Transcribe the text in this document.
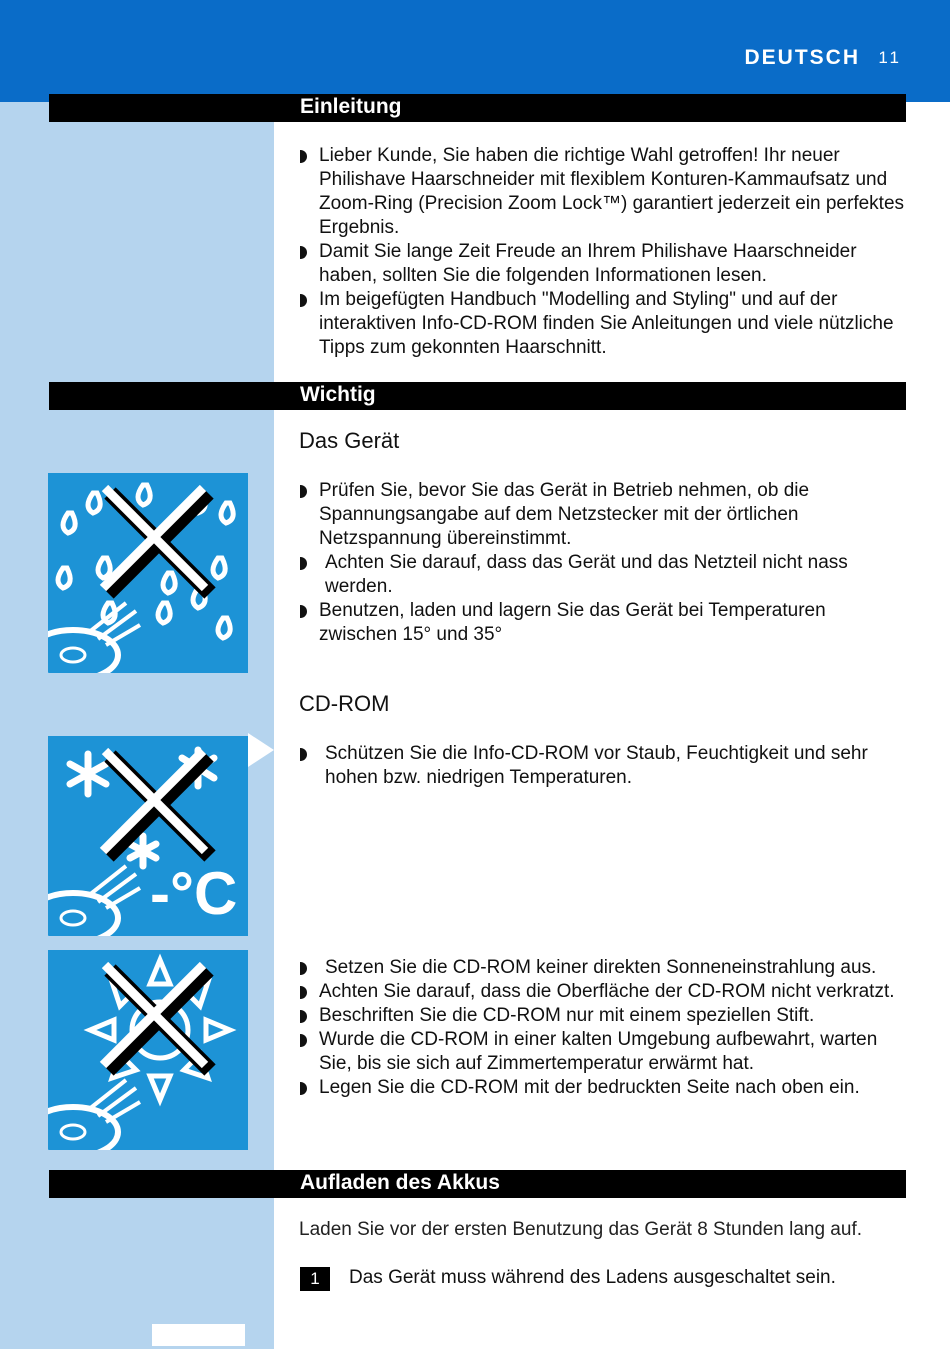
DEUTSCH 11
Einleitung
Lieber Kunde, Sie haben die richtige Wahl getroffen! Ihr neuer Philishave Haarschneider mit flexiblem Konturen-Kammaufsatz und Zoom-Ring (Precision Zoom Lock™) garantiert jederzeit ein perfektes Ergebnis.
Damit Sie lange Zeit Freude an Ihrem Philishave Haarschneider haben, sollten Sie die folgenden Informationen lesen.
Im beigefügten Handbuch "Modelling and Styling" und auf der interaktiven Info-CD-ROM finden Sie Anleitungen und viele nützliche Tipps zum gekonnten Haarschnitt.
Wichtig
Das Gerät
Prüfen Sie, bevor Sie das Gerät in Betrieb nehmen, ob die Spannungsangabe auf dem Netzstecker mit der örtlichen Netzspannung übereinstimmt.
Achten Sie darauf, dass das Gerät und das Netzteil nicht nass werden.
Benutzen, laden und lagern Sie das Gerät bei Temperaturen zwischen 15° und 35°
CD-ROM
-°C
Schützen Sie die Info-CD-ROM vor Staub, Feuchtigkeit und sehr hohen bzw. niedrigen Temperaturen.
Setzen Sie die CD-ROM keiner direkten Sonneneinstrahlung aus.
Achten Sie darauf, dass die Oberfläche der CD-ROM nicht verkratzt.
Beschriften Sie die CD-ROM nur mit einem speziellen Stift.
Wurde die CD-ROM in einer kalten Umgebung aufbewahrt, warten Sie, bis sie sich auf Zimmertemperatur erwärmt hat.
Legen Sie die CD-ROM mit der bedruckten Seite nach oben ein.
Aufladen des Akkus
Laden Sie vor der ersten Benutzung das Gerät 8 Stunden lang auf.
1	Das Gerät muss während des Ladens ausgeschaltet sein.
